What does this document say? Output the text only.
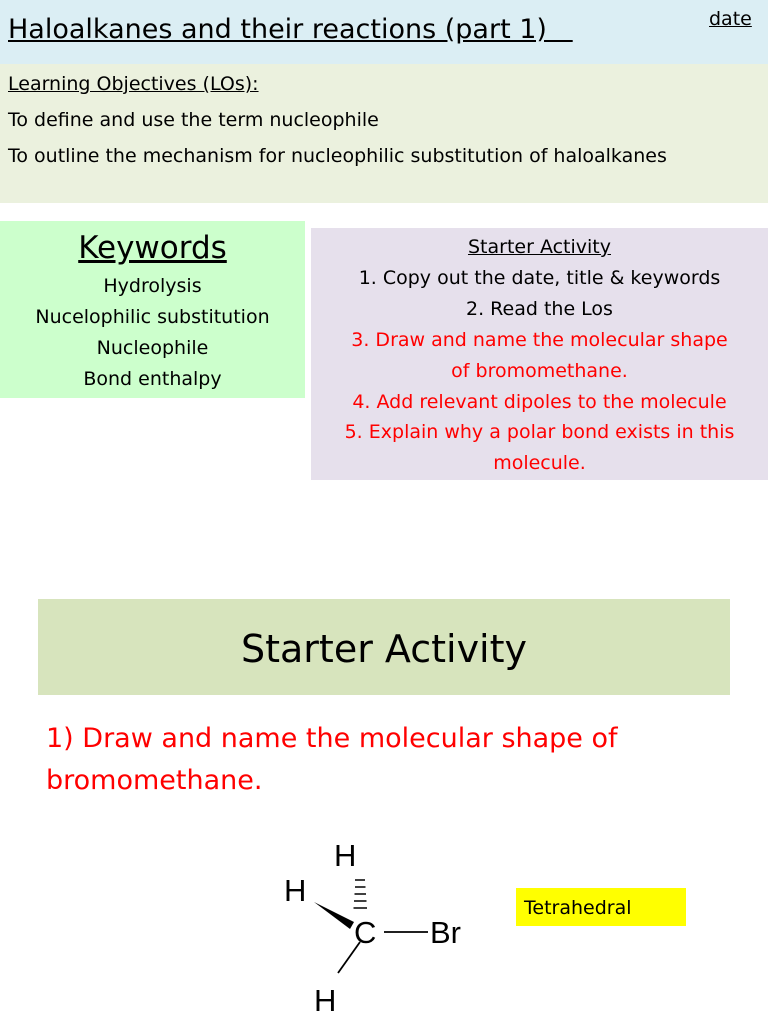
Haloalkanes and their reactions (part 1)	date
Learning Objectives (LOs):
To define and use the term nucleophile
To outline the mechanism for nucleophilic substitution of haloalkanes
Keywords
Hydrolysis
Nucelophilic substitution
Nucleophile
Bond enthalpy
Starter Activity
1. Copy out the date, title & keywords
2. Read the Los
3. Draw and name the molecular shape
of bromomethane.
4. Add relevant dipoles to the molecule
5. Explain why a polar bond exists in this
molecule.
Starter Activity
1) Draw and name the molecular shape of bromomethane.
H
H
C Br
H
Tetrahedral
